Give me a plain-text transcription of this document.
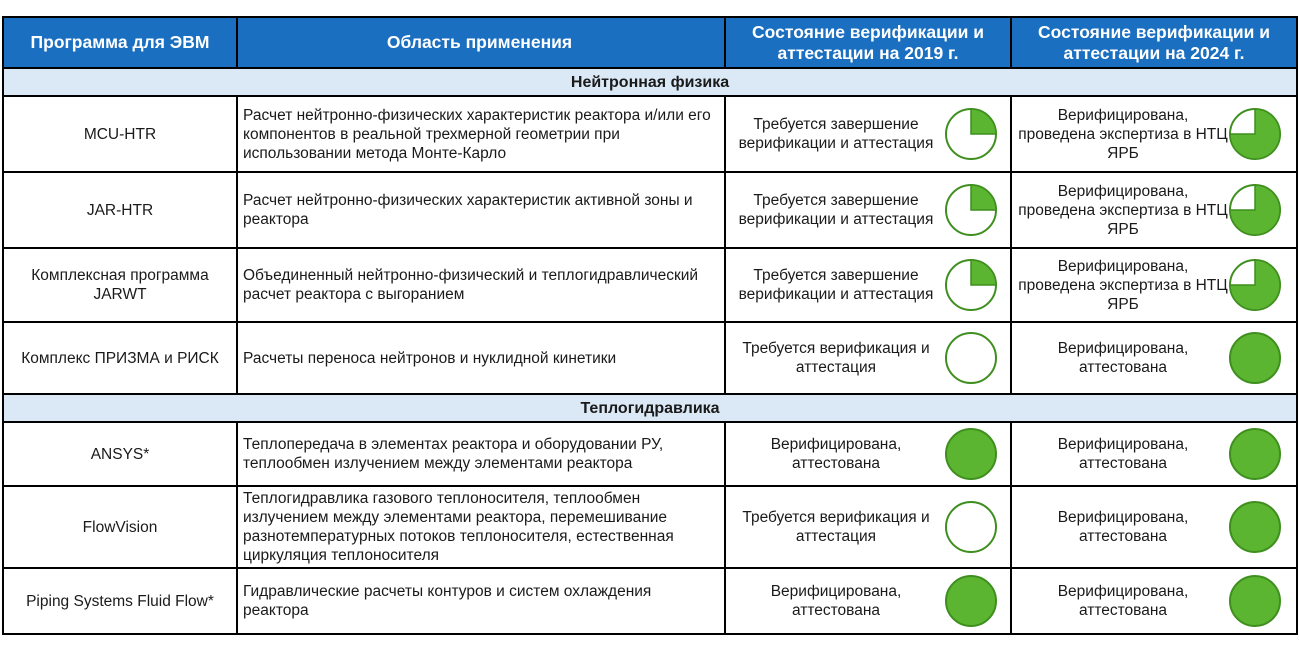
Программа для ЭВМ	Область применения
Состояние верификации и аттестации на 2019 г.
Состояние верификации и аттестации на 2024 г.
Нейтронная физика
MCU-HTR
Расчет нейтронно-физических характеристик реактора и/или его компонентов в реальной трехмерной геометрии при использовании метода Монте-Карло
Требуется завершение верификации и аттестация
Верифицирована, проведена экспертиза в НТЦ ЯРБ
JAR-HTR
Расчет нейтронно-физических характеристик активной зоны и реактора
Требуется завершение верификации и аттестация
Верифицирована, проведена экспертиза в НТЦ ЯРБ
Комплексная программа JARWT
Объединенный нейтронно-физический и теплогидравлический расчет реактора с выгоранием
Требуется завершение верификации и аттестация
Верифицирована, проведена экспертиза в НТЦ ЯРБ
Комплекс ПРИЗМА и РИСК	Расчеты переноса нейтронов и нуклидной кинетики
Требуется верификация и аттестация
Верифицирована, аттестована
Теплогидравлика
ANSYS*
Теплопередача в элементах реактора и оборудовании РУ, теплообмен излучением между элементами реактора
Верифицирована, аттестована
Верифицирована, аттестована
FlowVision
Теплогидравлика газового теплоносителя, теплообмен излучением между элементами реактора, перемешивание разнотемпературных потоков теплоносителя, естественная циркуляция теплоносителя
Требуется верификация и аттестация
Верифицирована, аттестована
Piping Systems Fluid Flow*
Гидравлические расчеты контуров и систем охлаждения реактора
Верифицирована, аттестована
Верифицирована, аттестована
